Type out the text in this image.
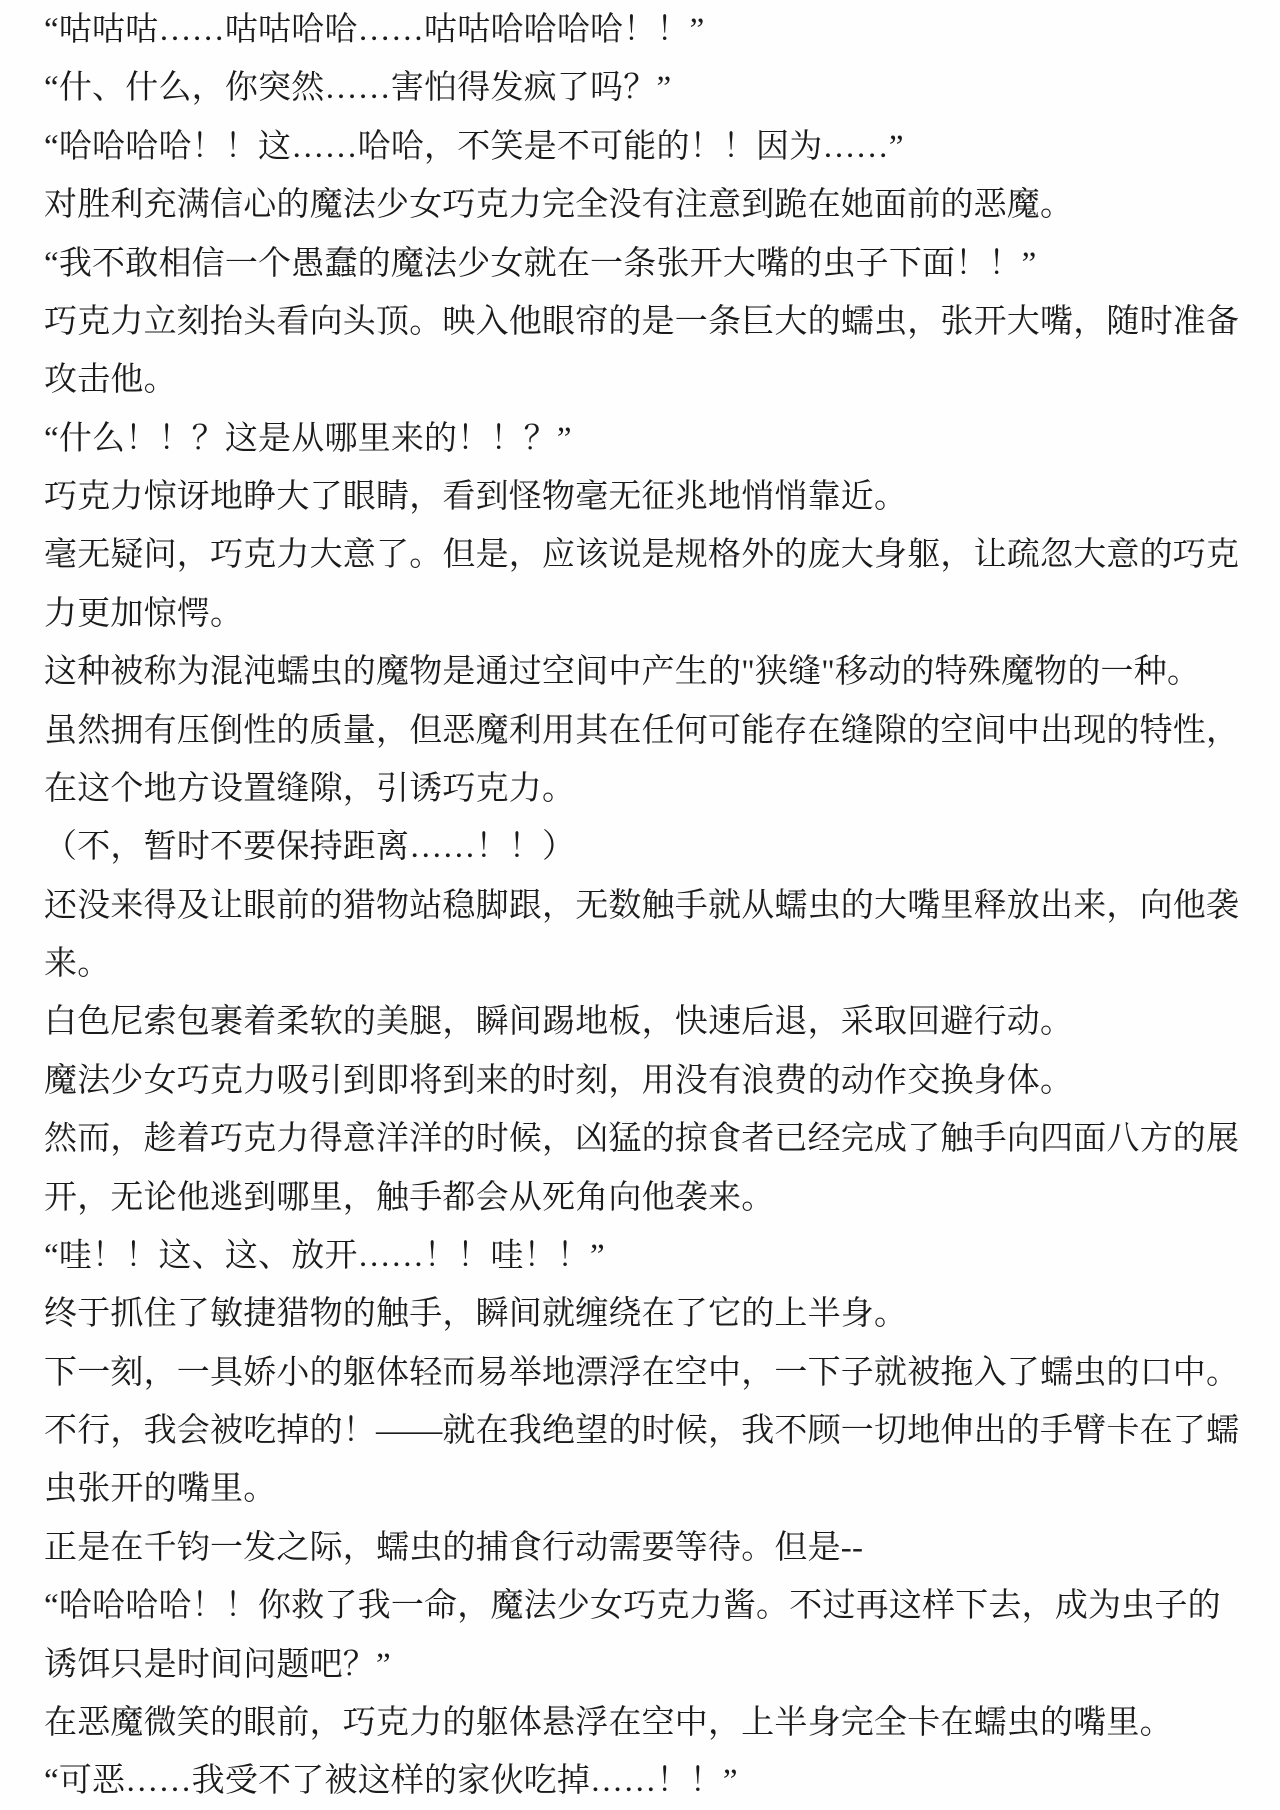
“咕咕咕……咕咕哈哈……咕咕哈哈哈哈！！”
“什、什么，你突然……害怕得发疯了吗？”
“哈哈哈哈！！这……哈哈，不笑是不可能的！！因为……”
对胜利充满信心的魔法少女巧克力完全没有注意到跪在她面前的恶魔。
“我不敢相信一个愚蠢的魔法少女就在一条张开大嘴的虫子下面！！”
巧克力立刻抬头看向头顶。映入他眼帘的是一条巨大的蠕虫，张开大嘴，随时准备
攻击他。
“什么！！？这是从哪里来的！！？”
巧克力惊讶地睁大了眼睛，看到怪物毫无征兆地悄悄靠近。
毫无疑问，巧克力大意了。但是，应该说是规格外的庞大身躯，让疏忽大意的巧克
力更加惊愕。
这种被称为混沌蠕虫的魔物是通过空间中产生的"狭缝"移动的特殊魔物的一种。
虽然拥有压倒性的质量，但恶魔利用其在任何可能存在缝隙的空间中出现的特性，
在这个地方设置缝隙，引诱巧克力。
（不，暂时不要保持距离……！！）
还没来得及让眼前的猎物站稳脚跟，无数触手就从蠕虫的大嘴里释放出来，向他袭
来。
白色尼索包裹着柔软的美腿，瞬间踢地板，快速后退，采取回避行动。
魔法少女巧克力吸引到即将到来的时刻，用没有浪费的动作交换身体。
然而，趁着巧克力得意洋洋的时候，凶猛的掠食者已经完成了触手向四面八方的展
开，无论他逃到哪里，触手都会从死角向他袭来。
“哇！！这、这、放开……！！哇！！”
终于抓住了敏捷猎物的触手，瞬间就缠绕在了它的上半身。
下一刻，一具娇小的躯体轻而易举地漂浮在空中，一下子就被拖入了蠕虫的口中。
不行，我会被吃掉的！——就在我绝望的时候，我不顾一切地伸出的手臂卡在了蠕
虫张开的嘴里。
正是在千钧一发之际，蠕虫的捕食行动需要等待。但是--
“哈哈哈哈！！你救了我一命，魔法少女巧克力酱。不过再这样下去，成为虫子的
诱饵只是时间问题吧？”
在恶魔微笑的眼前，巧克力的躯体悬浮在空中，上半身完全卡在蠕虫的嘴里。
“可恶……我受不了被这样的家伙吃掉……！！”
